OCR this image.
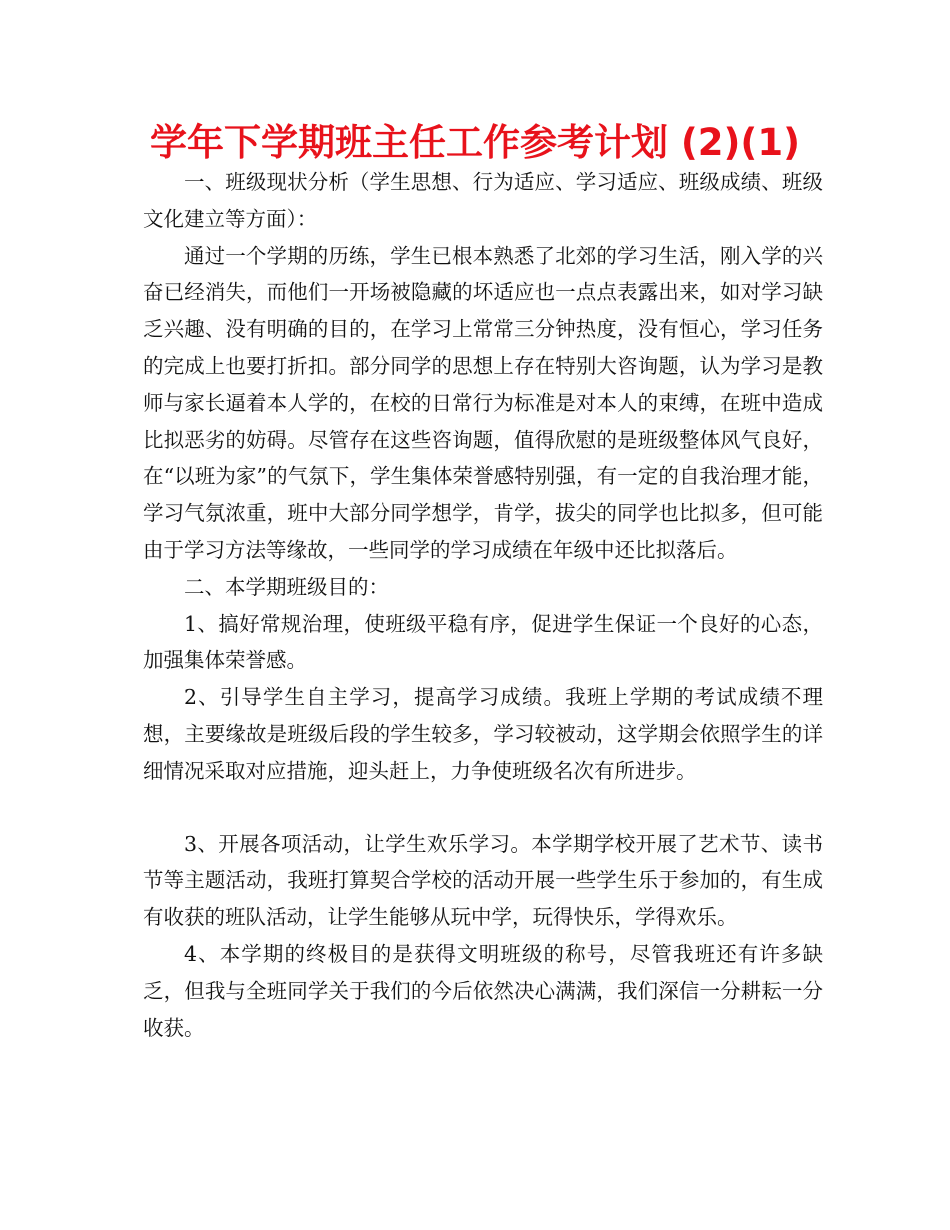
学年下学期班主任工作参考计划 (2)(1)

一、班级现状分析（学生思想、行为适应、学习适应、班级成绩、班级文化建立等方面）：

通过一个学期的历练，学生已根本熟悉了北郊的学习生活，刚入学的兴奋已经消失，而他们一开场被隐藏的坏适应也一点点表露出来，如对学习缺乏兴趣、没有明确的目的，在学习上常常三分钟热度，没有恒心，学习任务的完成上也要打折扣。部分同学的思想上存在特别大咨询题，认为学习是教师与家长逼着本人学的，在校的日常行为标准是对本人的束缚，在班中造成比拟恶劣的妨碍。尽管存在这些咨询题，值得欣慰的是班级整体风气良好，在“以班为家”的气氛下，学生集体荣誉感特别强，有一定的自我治理才能，学习气氛浓重，班中大部分同学想学，肯学，拔尖的同学也比拟多，但可能由于学习方法等缘故，一些同学的学习成绩在年级中还比拟落后。

二、本学期班级目的：

1、搞好常规治理，使班级平稳有序，促进学生保证一个良好的心态，加强集体荣誉感。

2、引导学生自主学习，提高学习成绩。我班上学期的考试成绩不理想，主要缘故是班级后段的学生较多，学习较被动，这学期会依照学生的详细情况采取对应措施，迎头赶上，力争使班级名次有所进步。

3、开展各项活动，让学生欢乐学习。本学期学校开展了艺术节、读书节等主题活动，我班打算契合学校的活动开展一些学生乐于参加的，有生成有收获的班队活动，让学生能够从玩中学，玩得快乐，学得欢乐。

4、本学期的终极目的是获得文明班级的称号，尽管我班还有许多缺乏，但我与全班同学关于我们的今后依然决心满满，我们深信一分耕耘一分收获。
